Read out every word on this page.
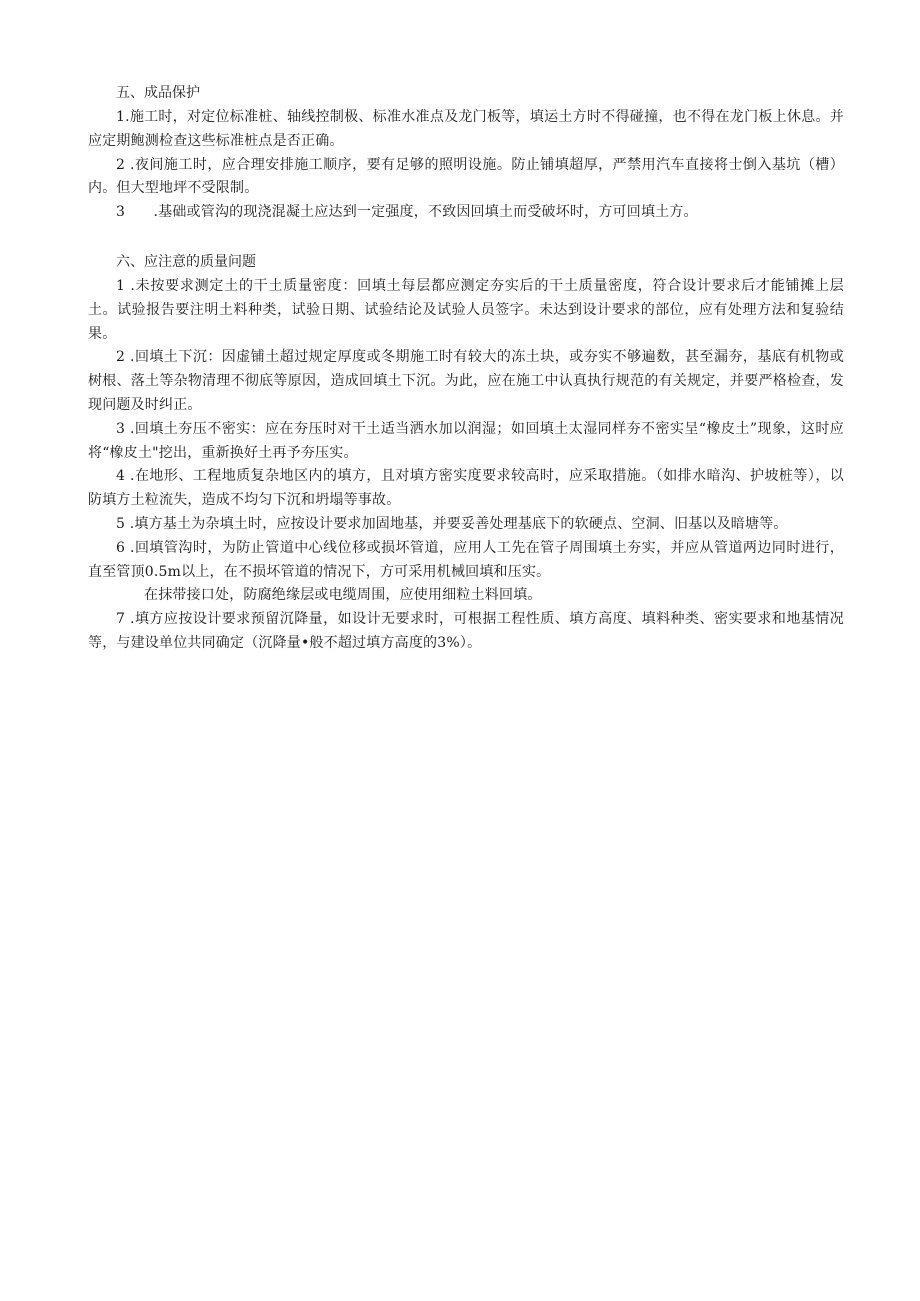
五、成品保护

1.施工时，对定位标准桩、轴线控制极、标准水准点及龙门板等，填运土方时不得碰撞，也不得在龙门板上休息。并应定期鲍测检查这些标准桩点是否正确。

2 .夜间施工时，应合理安排施工顺序，要有足够的照明设施。防止铺填超厚，严禁用汽车直接将士倒入基坑（槽）内。但大型地坪不受限制。

3　　.基础或管沟的现浇混凝土应达到一定强度，不致因回填土而受破坏时，方可回填土方。

六、应注意的质量问题

1 .未按要求测定土的干土质量密度：回填土每层都应测定夯实后的干土质量密度，符合设计要求后才能铺摊上层土。试验报告要注明土料种类，试验日期、试验结论及试验人员签字。未达到设计要求的部位，应有处理方法和复验结果。

2 .回填土下沉：因虚铺土超过规定厚度或冬期施工时有较大的冻土块，或夯实不够遍数，甚至漏夯，基底有机物或树根、落土等杂物清理不彻底等原因，造成回填土下沉。为此，应在施工中认真执行规范的有关规定，并要严格检查，发现问题及时纠正。

3 .回填土夯压不密实：应在夯压时对干土适当洒水加以润湿；如回填土太湿同样夯不密实呈“橡皮土”现象，这时应将“橡皮土"挖出，重新换好土再予夯压实。

4 .在地形、工程地质复杂地区内的填方，且对填方密实度要求较高时，应采取措施。（如排水暗沟、护坡桩等），以防填方土粒流失，造成不均匀下沉和坍塌等事故。

5 .填方基土为杂填土时，应按设计要求加固地基，并要妥善处理基底下的软硬点、空洞、旧基以及暗塘等。

6 .回填管沟时，为防止管道中心线位移或损坏管道，应用人工先在管子周围填土夯实，并应从管道两边同时进行，直至管顶0.5m以上，在不损坏管道的情况下，方可采用机械回填和压实。

在抹带接口处，防腐绝缘层或电缆周围，应使用细粒土料回填。

7 .填方应按设计要求预留沉降量，如设计无要求时，可根据工程性质、填方高度、填料种类、密实要求和地基情况等，与建设单位共同确定（沉降量•般不超过填方高度的3%）。
